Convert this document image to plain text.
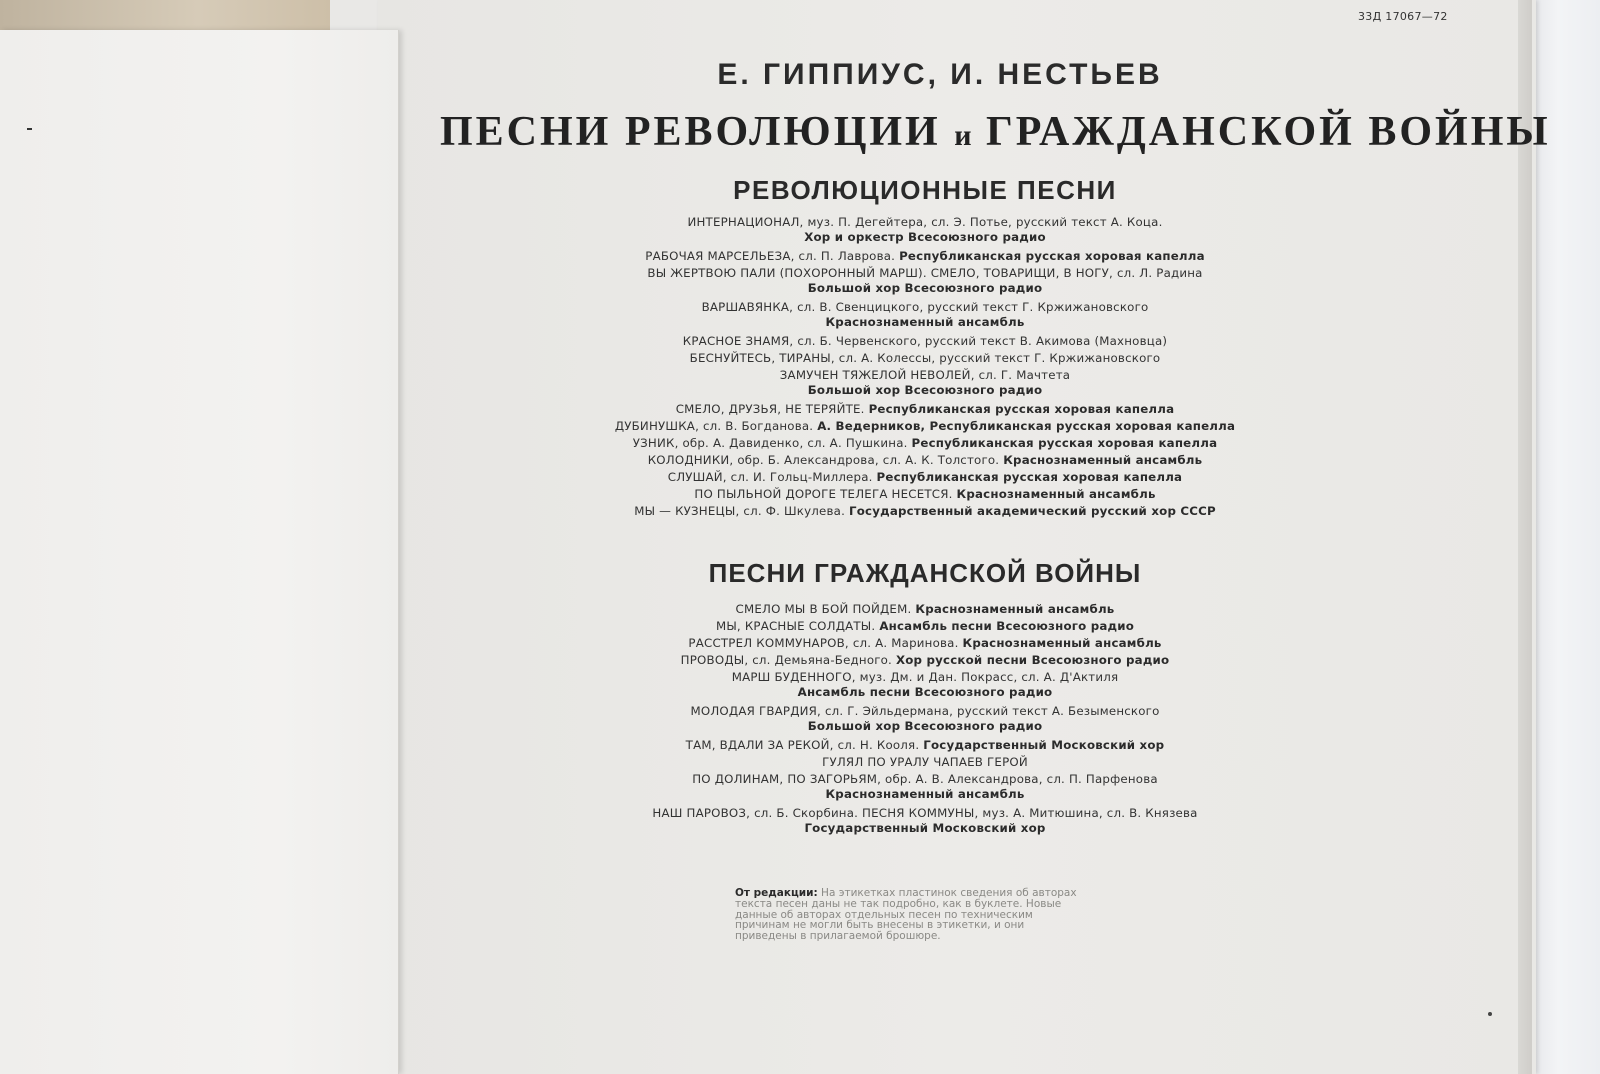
33Д 17067—72
Е. ГИППИУС, И. НЕСТЬЕВ
ПЕСНИ РЕВОЛЮЦИИ и ГРАЖДАНСКОЙ ВОЙНЫ
РЕВОЛЮЦИОННЫЕ ПЕСНИ
ИНТЕРНАЦИОНАЛ, муз. П. Дегейтера, сл. Э. Потье, русский текст А. Коца.
Хор и оркестр Всесоюзного радио
РАБОЧАЯ МАРСЕЛЬЕЗА, сл. П. Лаврова. Республиканская русская хоровая капелла
ВЫ ЖЕРТВОЮ ПАЛИ (ПОХОРОННЫЙ МАРШ). СМЕЛО, ТОВАРИЩИ, В НОГУ, сл. Л. Радина
Большой хор Всесоюзного радио
ВАРШАВЯНКА, сл. В. Свенцицкого, русский текст Г. Кржижановского
Краснознаменный ансамбль
КРАСНОЕ ЗНАМЯ, сл. Б. Червенского, русский текст В. Акимова (Махновца)
БЕСНУЙТЕСЬ, ТИРАНЫ, сл. А. Колессы, русский текст Г. Кржижановского
ЗАМУЧЕН ТЯЖЕЛОЙ НЕВОЛЕЙ, сл. Г. Мачтета
Большой хор Всесоюзного радио
СМЕЛО, ДРУЗЬЯ, НЕ ТЕРЯЙТЕ. Республиканская русская хоровая капелла
ДУБИНУШКА, сл. В. Богданова. А. Ведерников, Республиканская русская хоровая капелла
УЗНИК, обр. А. Давиденко, сл. А. Пушкина. Республиканская русская хоровая капелла
КОЛОДНИКИ, обр. Б. Александрова, сл. А. К. Толстого. Краснознаменный ансамбль
СЛУШАЙ, сл. И. Гольц-Миллера. Республиканская русская хоровая капелла
ПО ПЫЛЬНОЙ ДОРОГЕ ТЕЛЕГА НЕСЕТСЯ. Краснознаменный ансамбль
МЫ — КУЗНЕЦЫ, сл. Ф. Шкулева. Государственный академический русский хор СССР
ПЕСНИ ГРАЖДАНСКОЙ ВОЙНЫ
СМЕЛО МЫ В БОЙ ПОЙДЕМ. Краснознаменный ансамбль
МЫ, КРАСНЫЕ СОЛДАТЫ. Ансамбль песни Всесоюзного радио
РАССТРЕЛ КОММУНАРОВ, сл. А. Маринова. Краснознаменный ансамбль
ПРОВОДЫ, сл. Демьяна-Бедного. Хор русской песни Всесоюзного радио
МАРШ БУДЕННОГО, муз. Дм. и Дан. Покрасс, сл. А. Д'Актиля
Ансамбль песни Всесоюзного радио
МОЛОДАЯ ГВАРДИЯ, сл. Г. Эйльдермана, русский текст А. Безыменского
Большой хор Всесоюзного радио
ТАМ, ВДАЛИ ЗА РЕКОЙ, сл. Н. Кооля. Государственный Московский хор
ГУЛЯЛ ПО УРАЛУ ЧАПАЕВ ГЕРОЙ
ПО ДОЛИНАМ, ПО ЗАГОРЬЯМ, обр. А. В. Александрова, сл. П. Парфенова
Краснознаменный ансамбль
НАШ ПАРОВОЗ, сл. Б. Скорбина. ПЕСНЯ КОММУНЫ, муз. А. Митюшина, сл. В. Князева
Государственный Московский хор
От редакции: На этикетках пластинок сведения об авторах текста песен даны не так подробно, как в буклете. Новые данные об авторах отдельных песен по техническим причинам не могли быть внесены в этикетки, и они приведены в прилагаемой брошюре.
